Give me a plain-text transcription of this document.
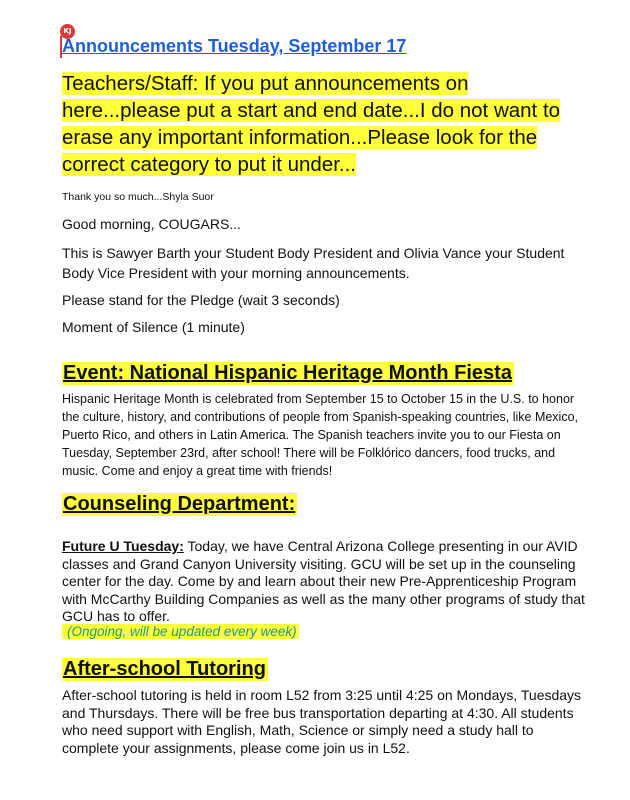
KJ
Announcements Tuesday, September 17
Teachers/Staff: If you put announcements on here...please put a start and end date...I do not want to erase any important information...Please look for the correct category to put it under...
Thank you so much...Shyla Suor
Good morning, COUGARS...
This is Sawyer Barth your Student Body President and Olivia Vance your Student Body Vice President with your morning announcements.
Please stand for the Pledge (wait 3 seconds)
Moment of Silence (1 minute)
Event: National Hispanic Heritage Month Fiesta
Hispanic Heritage Month is celebrated from September 15 to October 15 in the U.S. to honor the culture, history, and contributions of people from Spanish-speaking countries, like Mexico, Puerto Rico, and others in Latin America. The Spanish teachers invite you to our Fiesta on Tuesday, September 23rd, after school! There will be Folklórico dancers, food trucks, and music. Come and enjoy a great time with friends!
Counseling Department:
Future U Tuesday: Today, we have Central Arizona College presenting in our AVID classes and Grand Canyon University visiting. GCU will be set up in the counseling center for the day. Come by and learn about their new Pre-Apprenticeship Program with McCarthy Building Companies as well as the many other programs of study that GCU has to offer.
(Ongoing, will be updated every week)
After-school Tutoring
After-school tutoring is held in room L52 from 3:25 until 4:25 on Mondays, Tuesdays and Thursdays. There will be free bus transportation departing at 4:30. All students who need support with English, Math, Science or simply need a study hall to complete your assignments, please come join us in L52.
